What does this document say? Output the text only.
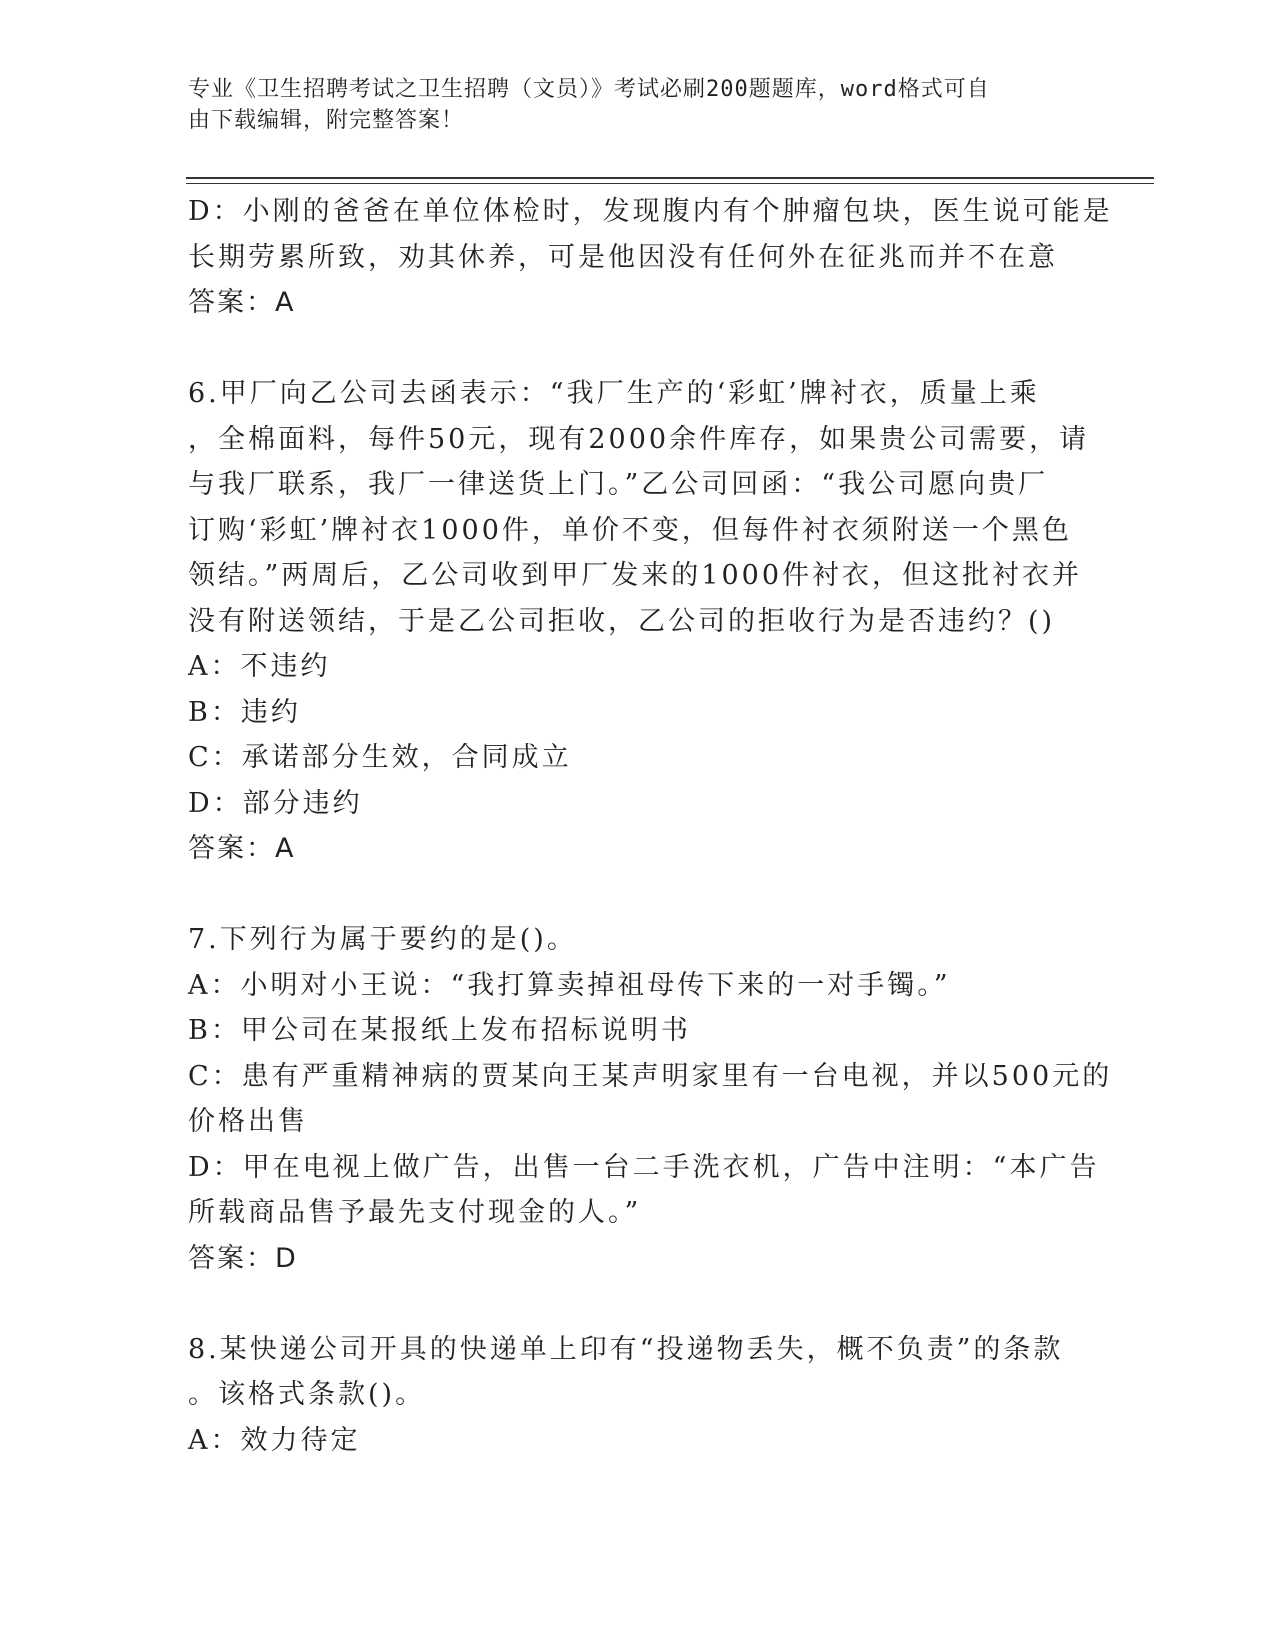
专业《卫生招聘考试之卫生招聘（文员）》考试必刷200题题库，word格式可自
由下载编辑，附完整答案！
D：小刚的爸爸在单位体检时，发现腹内有个肿瘤包块，医生说可能是
长期劳累所致，劝其休养，可是他因没有任何外在征兆而并不在意
答案：A
6.甲厂向乙公司去函表示：“我厂生产的‘彩虹’牌衬衣，质量上乘
，全棉面料，每件50元，现有2000余件库存，如果贵公司需要，请
与我厂联系，我厂一律送货上门。”乙公司回函：“我公司愿向贵厂
订购‘彩虹’牌衬衣1000件，单价不变，但每件衬衣须附送一个黑色
领结。”两周后，乙公司收到甲厂发来的1000件衬衣，但这批衬衣并
没有附送领结，于是乙公司拒收，乙公司的拒收行为是否违约？()
A：不违约
B：违约
C：承诺部分生效，合同成立
D：部分违约
答案：A
7.下列行为属于要约的是()。
A：小明对小王说：“我打算卖掉祖母传下来的一对手镯。”
B：甲公司在某报纸上发布招标说明书
C：患有严重精神病的贾某向王某声明家里有一台电视，并以500元的
价格出售
D：甲在电视上做广告，出售一台二手洗衣机，广告中注明：“本广告
所载商品售予最先支付现金的人。”
答案：D
8.某快递公司开具的快递单上印有“投递物丢失，概不负责”的条款
。该格式条款()。
A：效力待定
